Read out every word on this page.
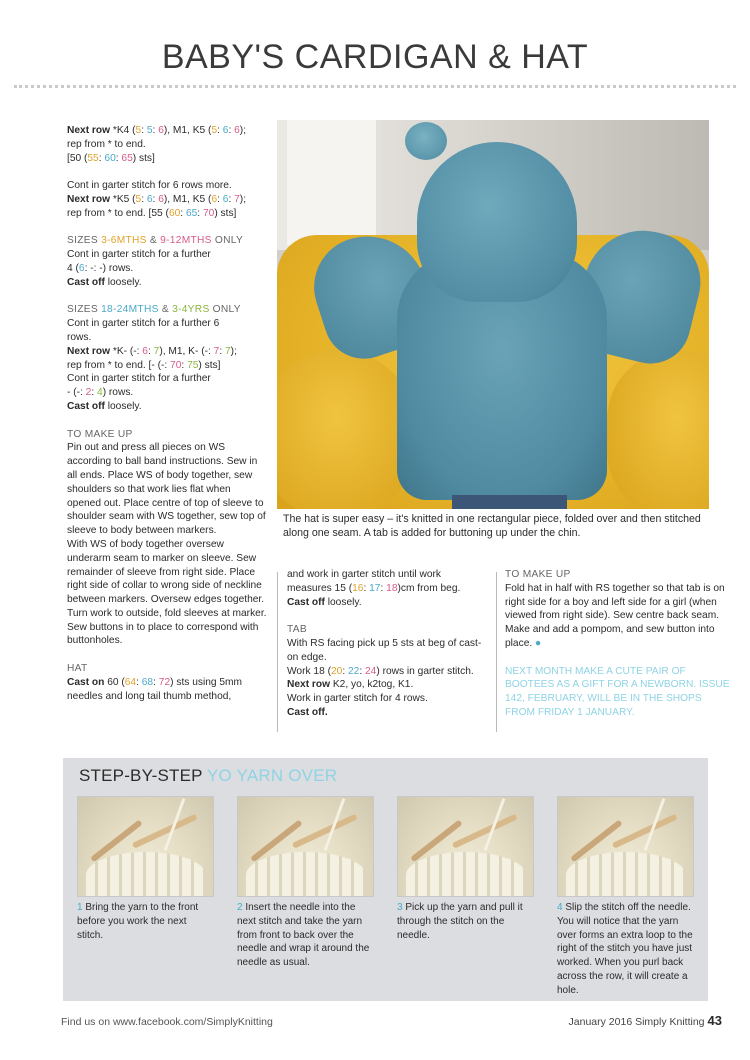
BABY'S CARDIGAN & HAT

Next row *K4 (5: 5: 6), M1, K5 (5: 6: 6);

rep from * to end.

[50 (55: 60: 65) sts]

Cont in garter stitch for 6 rows more.

Next row *K5 (5: 6: 6), M1, K5 (6: 6: 7);

rep from * to end. [55 (60: 65: 70) sts]

SIZES 3-6MTHS & 9-12MTHS ONLY

Cont in garter stitch for a further

4 (6: -: -) rows.

Cast off loosely.

SIZES 18-24MTHS & 3-4YRS ONLY

Cont in garter stitch for a further 6

rows.

Next row *K- (-: 6: 7), M1, K- (-: 7: 7);

rep from * to end. [- (-: 70: 75) sts]

Cont in garter stitch for a further

- (-: 2: 4) rows.

Cast off loosely.

TO MAKE UP

Pin out and press all pieces on WS according to ball band instructions. Sew in all ends. Place WS of body together, sew shoulders so that work lies flat when opened out. Place centre of top of sleeve to shoulder seam with WS together, sew top of sleeve to body between markers.

With WS of body together oversew underarm seam to marker on sleeve. Sew remainder of sleeve from right side. Place right side of collar to wrong side of neckline between markers. Oversew edges together.

Turn work to outside, fold sleeves at marker. Sew buttons in to place to correspond with buttonholes.

HAT

Cast on 60 (64: 68: 72) sts using 5mm needles and long tail thumb method,

The hat is super easy – it's knitted in one rectangular piece, folded over and then stitched along one seam. A tab is added for buttoning up under the chin.

and work in garter stitch until work

measures 15 (16: 17: 18)cm from beg.

Cast off loosely.

TAB

With RS facing pick up 5 sts at beg of cast-on edge.

Work 18 (20: 22: 24) rows in garter stitch.

Next row K2, yo, k2tog, K1.

Work in garter stitch for 4 rows.

Cast off.

TO MAKE UP

Fold hat in half with RS together so that tab is on right side for a boy and left side for a girl (when viewed from right side). Sew centre back seam. Make and add a pompom, and sew button into place. ●

NEXT MONTH MAKE A CUTE PAIR OF BOOTEES AS A GIFT FOR A NEWBORN. ISSUE 142, FEBRUARY, WILL BE IN THE SHOPS FROM FRIDAY 1 JANUARY.

STEP-BY-STEP YO YARN OVER

1 Bring the yarn to the front before you work the next stitch.

2 Insert the needle into the next stitch and take the yarn from front to back over the needle and wrap it around the needle as usual.

3 Pick up the yarn and pull it through the stitch on the needle.

4 Slip the stitch off the needle. You will notice that the yarn over forms an extra loop to the right of the stitch you have just worked. When you purl back across the row, it will create a hole.

Find us on www.facebook.com/SimplyKnitting	January 2016 Simply Knitting 43
